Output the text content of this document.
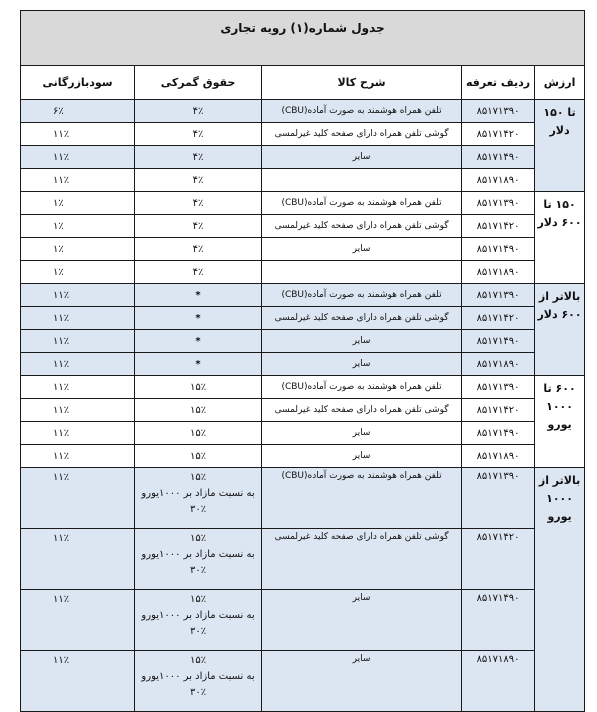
جدول شماره(۱) رویه تجاری				
ارزش	ردیف تعرفه	شرح کالا	حقوق گمرکی	سودبازرگانی
تا ۱۵۰ دلار	۸۵۱۷۱۳۹۰	تلفن همراه هوشمند به صورت آماده(CBU)	۴٪	۶٪
	۸۵۱۷۱۴۲۰	گوشی تلفن همراه دارای صفحه کلید غیرلمسی	۴٪	۱۱٪
	۸۵۱۷۱۴۹۰	سایر	۴٪	۱۱٪
	۸۵۱۷۱۸۹۰		۴٪	۱۱٪
۱۵۰ تا ۶۰۰ دلار	۸۵۱۷۱۳۹۰	تلفن همراه هوشمند به صورت آماده(CBU)	۴٪	۱٪
	۸۵۱۷۱۴۲۰	گوشی تلفن همراه دارای صفحه کلید غیرلمسی	۴٪	۱٪
	۸۵۱۷۱۴۹۰	سایر	۴٪	۱٪
	۸۵۱۷۱۸۹۰		۴٪	۱٪
بالاتر از ۶۰۰ دلار	۸۵۱۷۱۳۹۰	تلفن همراه هوشمند به صورت آماده(CBU)	*	۱۱٪
	۸۵۱۷۱۴۲۰	گوشی تلفن همراه دارای صفحه کلید غیرلمسی	*	۱۱٪
	۸۵۱۷۱۴۹۰	سایر	*	۱۱٪
	۸۵۱۷۱۸۹۰	سایر	*	۱۱٪
۶۰۰ تا ۱۰۰۰ یورو	۸۵۱۷۱۳۹۰	تلفن همراه هوشمند به صورت آماده(CBU)	۱۵٪	۱۱٪
	۸۵۱۷۱۴۲۰	گوشی تلفن همراه دارای صفحه کلید غیرلمسی	۱۵٪	۱۱٪
	۸۵۱۷۱۴۹۰	سایر	۱۵٪	۱۱٪
	۸۵۱۷۱۸۹۰	سایر	۱۵٪	۱۱٪
بالاتر از ۱۰۰۰ یورو	۸۵۱۷۱۳۹۰	تلفن همراه هوشمند به صورت آماده(CBU)	۱۵٪
به نسبت مازاد بر ۱۰۰۰یورو
۳۰٪	۱۱٪
	۸۵۱۷۱۴۲۰	گوشی تلفن همراه دارای صفحه کلید غیرلمسی	۱۵٪
به نسبت مازاد بر ۱۰۰۰یورو
۳۰٪	۱۱٪
	۸۵۱۷۱۴۹۰	سایر	۱۵٪
به نسبت مازاد بر ۱۰۰۰یورو
۳۰٪	۱۱٪
	۸۵۱۷۱۸۹۰	سایر	۱۵٪
به نسبت مازاد بر ۱۰۰۰یورو
۳۰٪	۱۱٪
